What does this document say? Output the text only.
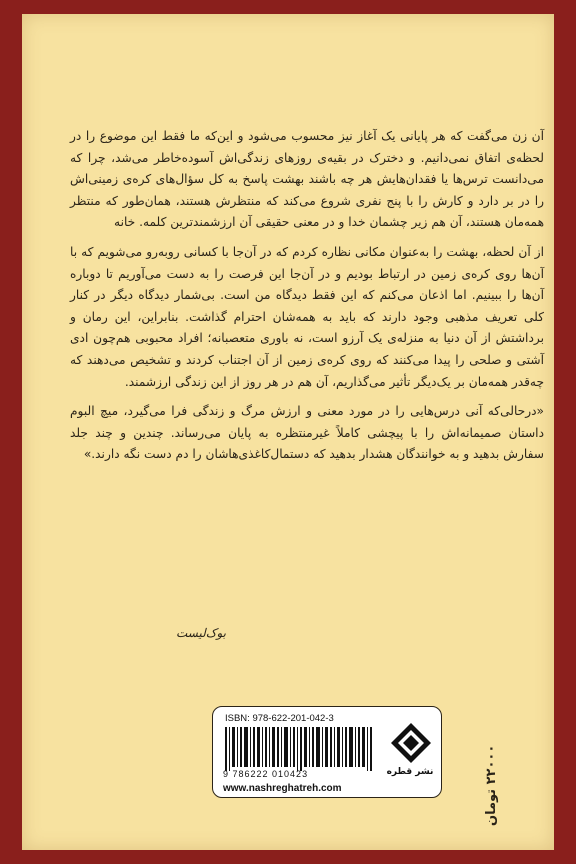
آن زن می‌گفت که هر پایانی یک آغاز نیز محسوب می‌شود و این‌که ما فقط این موضوع را در لحظه‌ی اتفاق نمی‌دانیم. و دخترک در بقیه‌ی روزهای زندگی‌اش آسوده‌خاطر می‌شد، چرا که می‌دانست ترس‌ها یا فقدان‌هایش هر چه باشند بهشت پاسخ به کل سؤال‌های کره‌ی زمینی‌اش را در بر دارد و کارش را با پنج نفری شروع می‌کند که منتظرش هستند، همان‌طور که منتظر همه‌مان هستند، آن هم زیر چشمان خدا و در معنی حقیقی آن ارزشمندترین کلمه. خانه

از آن لحظه، بهشت را به‌عنوان مکانی نظاره کردم که در آن‌جا با کسانی روبه‌رو می‌شویم که با آن‌ها روی کره‌ی زمین در ارتباط بودیم و در آن‌جا این فرصت را به دست می‌آوریم تا دوباره آن‌ها را ببینیم. اما اذعان می‌کنم که این فقط دیدگاه من است. بی‌شمار دیدگاه دیگر در کنار کلی تعریف مذهبی وجود دارند که باید به همه‌شان احترام گذاشت. بنابراین، این رمان و برداشتش از آن دنیا به منزله‌ی یک آرزو است، نه باوری متعصبانه؛ افراد محبوبی هم‌چون ادی آشتی و صلحی را پیدا می‌کنند که روی کره‌ی زمین از آن اجتناب کردند و تشخیص می‌دهند که چه‌قدر همه‌مان بر یک‌دیگر تأثیر می‌گذاریم، آن هم در هر روز از این زندگی ارزشمند.

«درحالی‌که آنی درس‌هایی را در مورد معنی و ارزش مرگ و زندگی فرا می‌گیرد، میچ البوم داستان صمیمانه‌اش را با پیچشی کاملاً غیرمنتظره به پایان می‌رساند. چندین و چند جلد سفارش بدهید و به خوانندگان هشدار بدهید که دستمال‌کاغذی‌هاشان را دم دست نگه دارند.»

بوک‌لیست
۲۲۰۰۰ تومان
ISBN: 978-622-201-042-3
9 786222 010423
www.nashreghatreh.com
نشر قطره
